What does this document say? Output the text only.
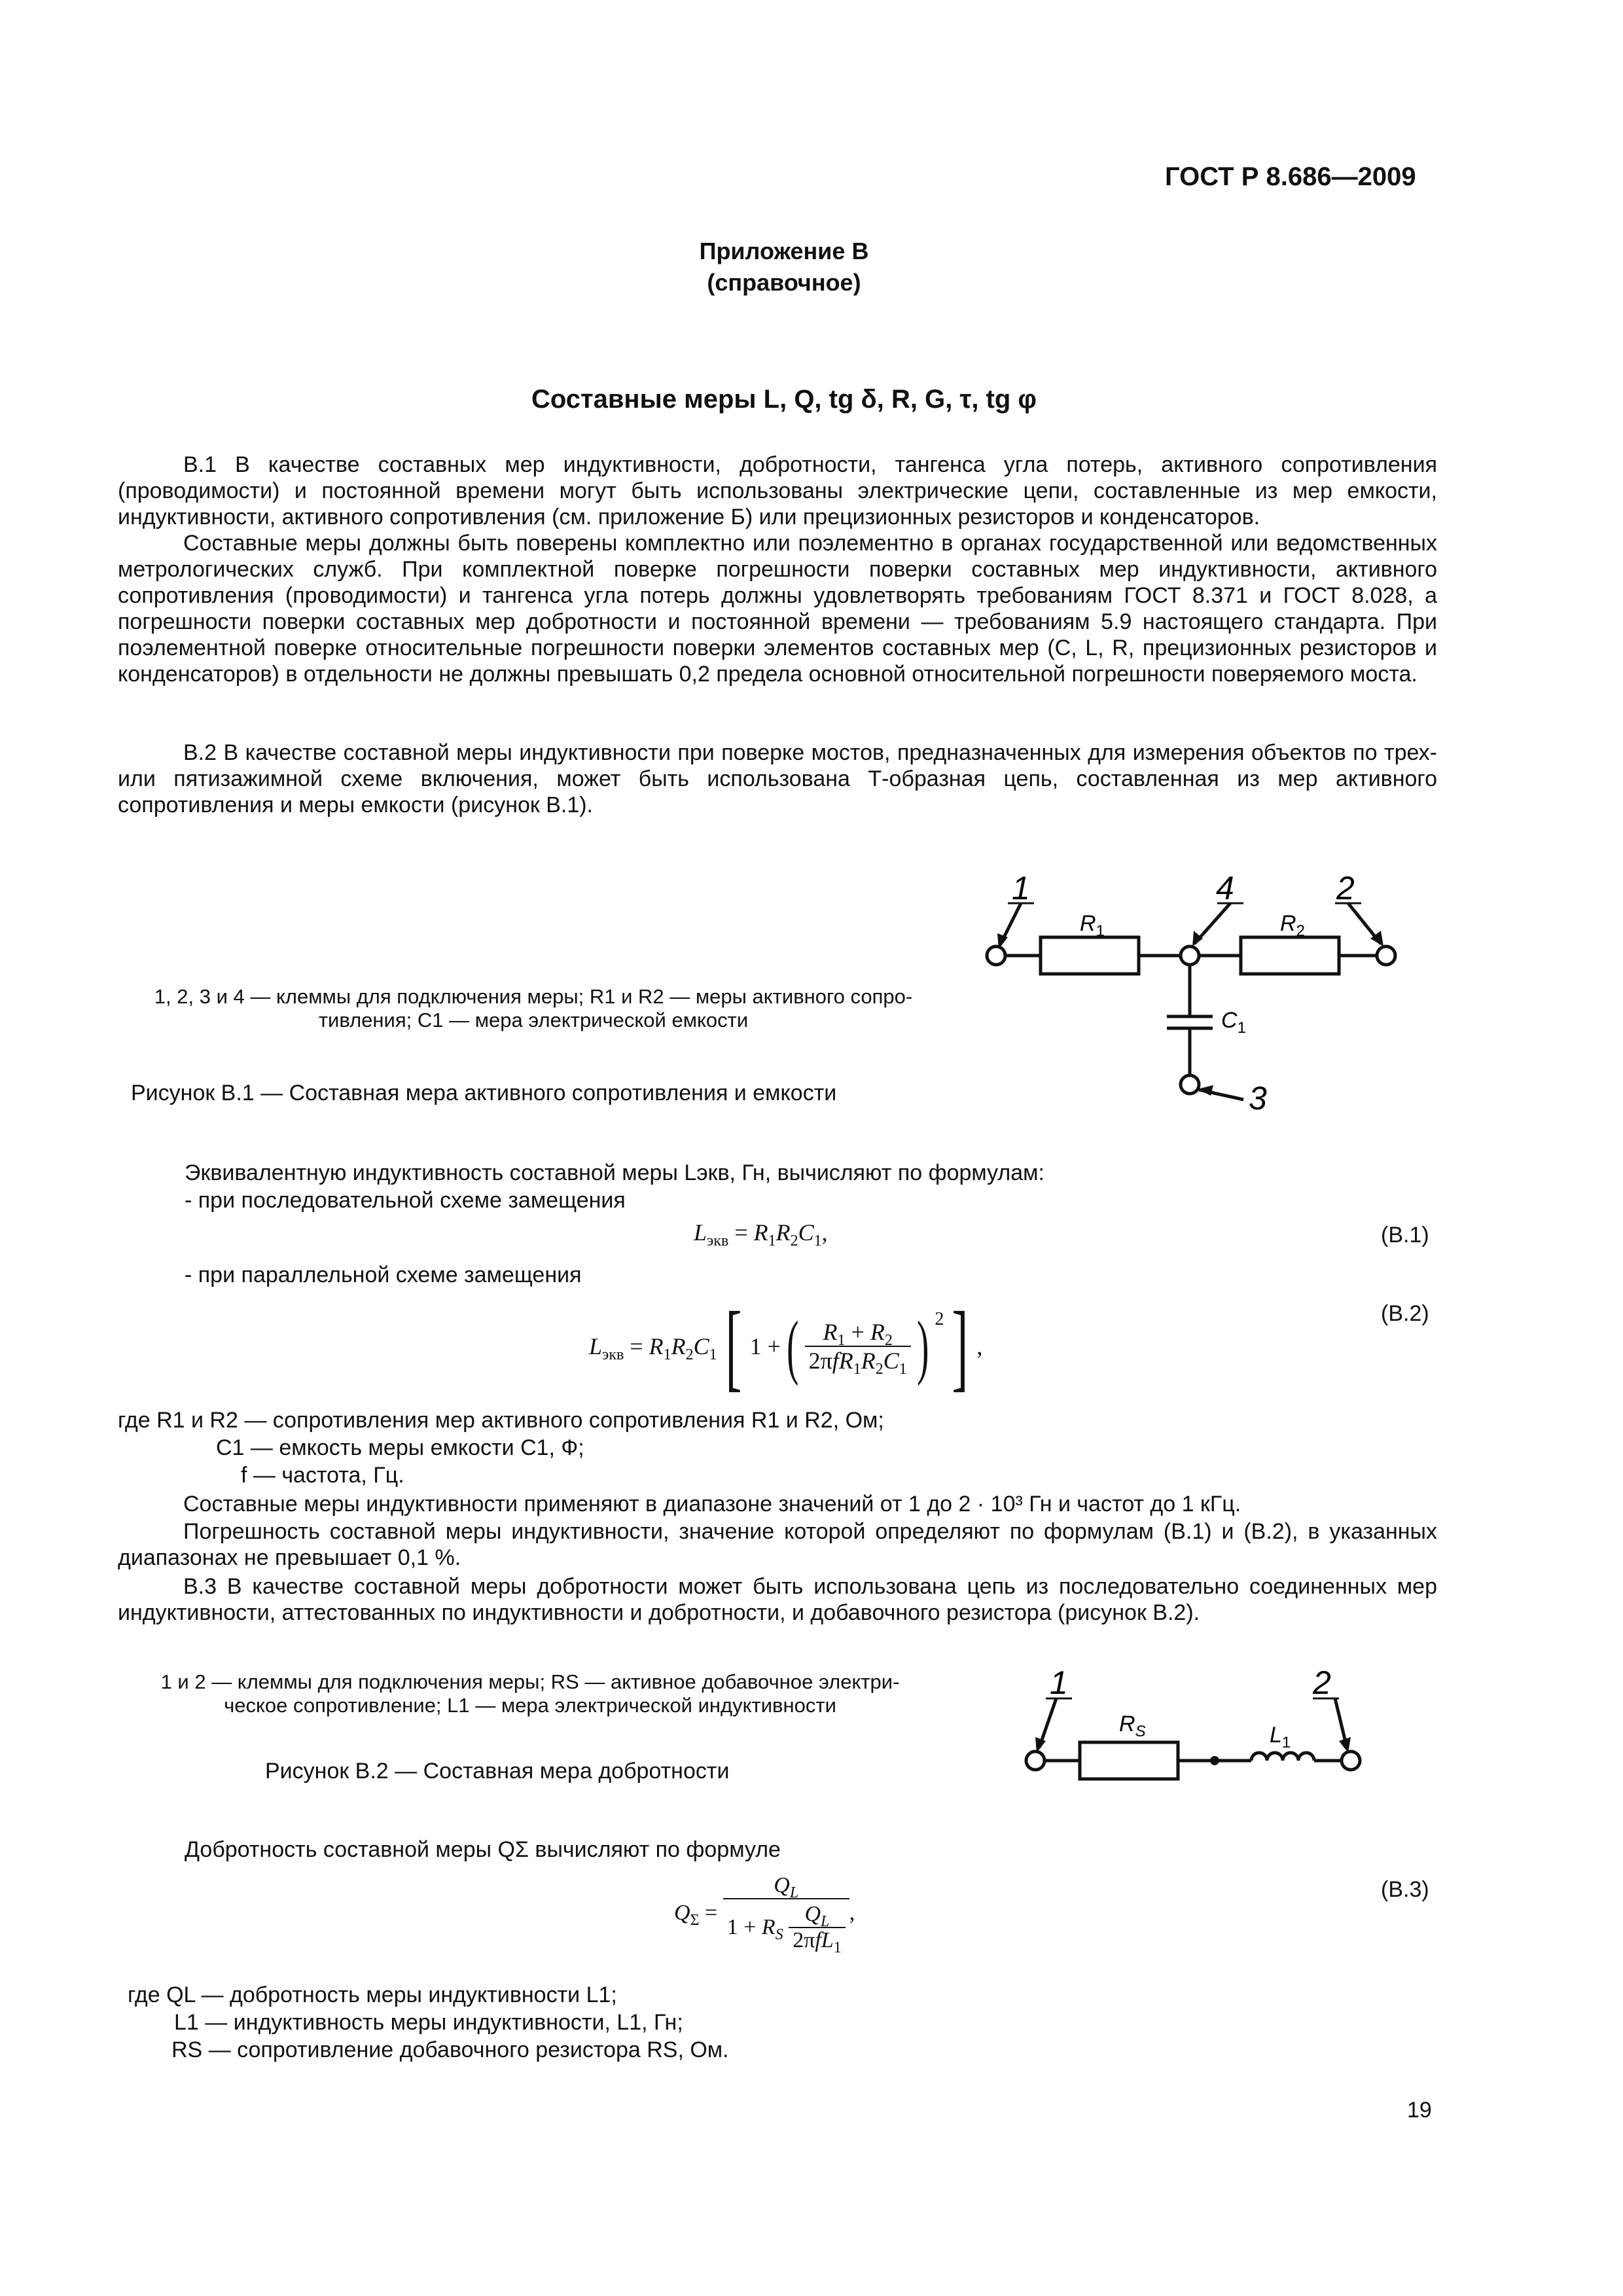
ГОСТ Р 8.686—2009
Приложение В
(справочное)
Составные меры L, Q, tg δ, R, G, τ, tg φ

В.1 В качестве составных мер индуктивности, добротности, тангенса угла потерь, активного сопротивления (проводимости) и постоянной времени могут быть использованы электрические цепи, составленные из мер емкости, индуктивности, активного сопротивления (см. приложение Б) или прецизионных резисторов и конденсаторов.

Составные меры должны быть поверены комплектно или поэлементно в органах государственной или ведомственных метрологических служб. При комплектной поверке погрешности поверки составных мер индуктивности, активного сопротивления (проводимости) и тангенса угла потерь должны удовлетворять требованиям ГОСТ 8.371 и ГОСТ 8.028, а погрешности поверки составных мер добротности и постоянной времени — требованиям 5.9 настоящего стандарта. При поэлементной поверке относительные погрешности поверки элементов составных мер (C, L, R, прецизионных резисторов и конденсаторов) в отдельности не должны превышать 0,2 предела основной относительной погрешности поверяемого моста.

В.2 В качестве составной меры индуктивности при поверке мостов, предназначенных для измерения объектов по трех- или пятизажимной схеме включения, может быть использована Т-образная цепь, составленная из мер активного сопротивления и меры емкости (рисунок В.1).

1, 2, 3 и 4 — клеммы для подключения меры; R1 и R2 — меры активного сопро-

тивления; C1 — мера электрической емкости

Рисунок В.1 — Составная мера активного сопротивления и емкости

1	4	2
3
$R_1$	$R_2$
$C_1$

Эквивалентную индуктивность составной меры Lэкв, Гн, вычисляют по формулам:

- при последовательной схеме замещения

$L_{экв} = R_1R_2C_1$,	(В.1)

- при параллельной схеме замещения

$L_{экв} = R_1R_2C_1$ [ 1 + ( $\frac{R_1 + R_2}{2\pi fR_1R_2C_1}$ ) 2 ] ,
(В.2)

где R1 и R2 — сопротивления мер активного сопротивления R1 и R2, Ом;

C1 — емкость меры емкости C1, Ф;

f — частота, Гц.

Составные меры индуктивности применяют в диапазоне значений от 1 до 2 · 10³ Гн и частот до 1 кГц.

Погрешность составной меры индуктивности, значение которой определяют по формулам (В.1) и (В.2), в указанных диапазонах не превышает 0,1 %.

В.3 В качестве составной меры добротности может быть использована цепь из последовательно соединенных мер индуктивности, аттестованных по индуктивности и добротности, и добавочного резистора (рисунок В.2).

1 и 2 — клеммы для подключения меры; RS — активное добавочное электри-

ческое сопротивление; L1 — мера электрической индуктивности

Рисунок В.2 — Составная мера добротности

1	2
$R_S$	$L_1$

Добротность составной меры QΣ вычисляют по формуле

$Q_\Sigma = \frac{Q_L}{1 + R_S \frac{Q_L}{2\pi fL_1}}$ ,
(В.3)

где QL — добротность меры индуктивности L1;

L1 — индуктивность меры индуктивности, L1, Гн;

RS — сопротивление добавочного резистора RS, Ом.

19
